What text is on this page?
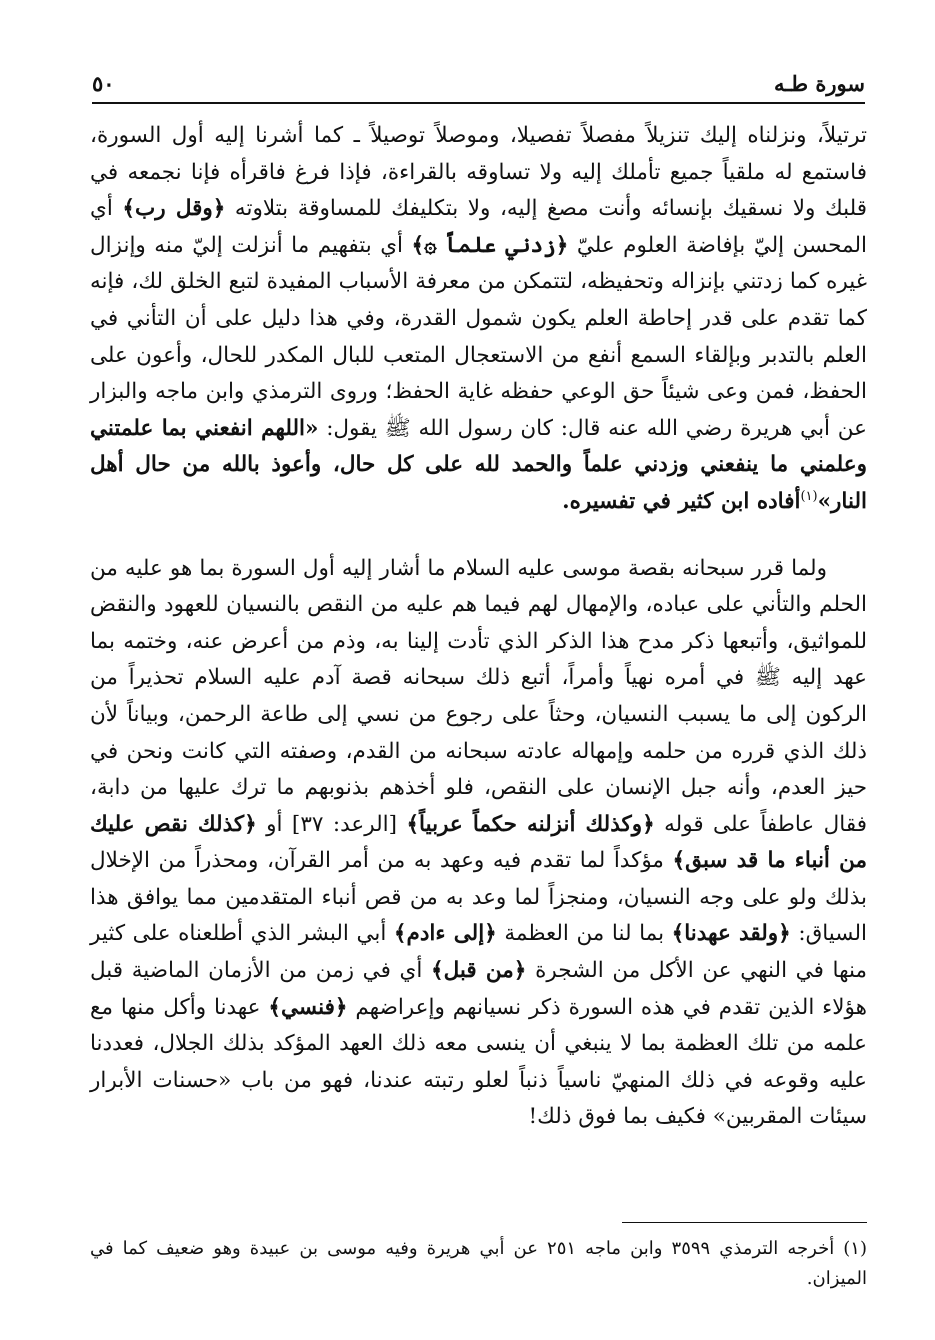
سورة طـه
٥٠

ترتيلاً، ونزلناه إليك تنزيلاً مفصلاً تفصيلا، وموصلاً توصيلاً ـ كما أشرنا إليه أول السورة، فاستمع له ملقياً جميع تأملك إليه ولا تساوقه بالقراءة، فإذا فرغ فاقرأه فإنا نجمعه في قلبك ولا نسقيك بإنسائه وأنت مصغ إليه، ولا بتكليفك للمساوقة بتلاوته ﴿وقل رب﴾ أي المحسن إليّ بإفاضة العلوم عليّ ﴿زدني علماً ۞﴾ أي بتفهيم ما أنزلت إليّ منه وإنزال غيره كما زدتني بإنزاله وتحفيظه، لتتمكن من معرفة الأسباب المفيدة لتبع الخلق لك، فإنه كما تقدم على قدر إحاطة العلم يكون شمول القدرة، وفي هذا دليل على أن التأني في العلم بالتدبر وبإلقاء السمع أنفع من الاستعجال المتعب للبال المكدر للحال، وأعون على الحفظ، فمن وعى شيئاً حق الوعي حفظه غاية الحفظ؛ وروى الترمذي وابن ماجه والبزار عن أبي هريرة رضي الله عنه قال: كان رسول الله ﷺ يقول: «اللهم انفعني بما علمتني وعلمني ما ينفعني وزدني علماً والحمد لله على كل حال، وأعوذ بالله من حال أهل النار»$^{(١)}$أفاده ابن كثير في تفسيره.

ولما قرر سبحانه بقصة موسى عليه السلام ما أشار إليه أول السورة بما هو عليه من الحلم والتأني على عباده، والإمهال لهم فيما هم عليه من النقص بالنسيان للعهود والنقض للمواثيق، وأتبعها ذكر مدح هذا الذكر الذي تأدت إلينا به، وذم من أعرض عنه، وختمه بما عهد إليه ﷺ في أمره نهياً وأمراً، أتبع ذلك سبحانه قصة آدم عليه السلام تحذيراً من الركون إلى ما يسبب النسيان، وحثاً على رجوع من نسي إلى طاعة الرحمن، وبياناً لأن ذلك الذي قرره من حلمه وإمهاله عادته سبحانه من القدم، وصفته التي كانت ونحن في حيز العدم، وأنه جبل الإنسان على النقص، فلو أخذهم بذنوبهم ما ترك عليها من دابة، فقال عاطفاً على قوله ﴿وكذلك أنزلنه حكماً عربياً﴾ [الرعد: ٣٧] أو ﴿كذلك نقص عليك من أنباء ما قد سبق﴾ مؤكداً لما تقدم فيه وعهد به من أمر القرآن، ومحذراً من الإخلال بذلك ولو على وجه النسيان، ومنجزاً لما وعد به من قص أنباء المتقدمين مما يوافق هذا السياق: ﴿ولقد عهدنا﴾ بما لنا من العظمة ﴿إلى ءادم﴾ أبي البشر الذي أطلعناه على كثير منها في النهي عن الأكل من الشجرة ﴿من قبل﴾ أي في زمن من الأزمان الماضية قبل هؤلاء الذين تقدم في هذه السورة ذكر نسيانهم وإعراضهم ﴿فنسي﴾ عهدنا وأكل منها مع علمه من تلك العظمة بما لا ينبغي أن ينسى معه ذلك العهد المؤكد بذلك الجلال، فعددنا عليه وقوعه في ذلك المنهيّ ناسياً ذنباً لعلو رتبته عندنا، فهو من باب «حسنات الأبرار سيئات المقربين» فكيف بما فوق ذلك!

(١) أخرجه الترمذي ٣٥٩٩ وابن ماجه ٢٥١ عن أبي هريرة وفيه موسى بن عبيدة وهو ضعيف كما في الميزان.
